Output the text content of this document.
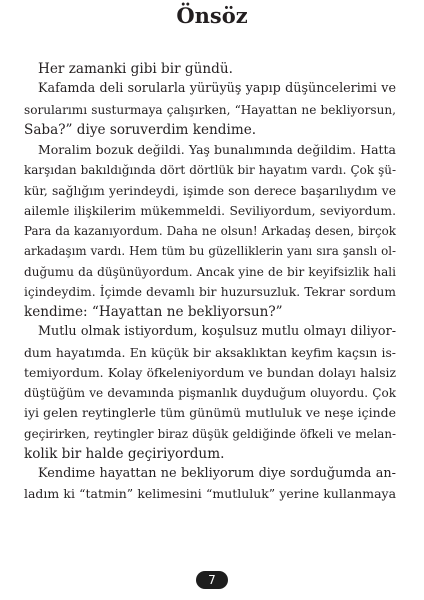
Önsöz
Her zamanki gibi bir gündü.
Kafamda deli sorularla yürüyüş yapıp düşüncelerimi ve
sorularımı susturmaya çalışırken, “Hayattan ne bekliyorsun,
Saba?” diye soruverdim kendime.
Moralim bozuk değildi. Yaş bunalımında değildim. Hatta
karşıdan bakıldığında dört dörtlük bir hayatım vardı. Çok şü-
kür, sağlığım yerindeydi, işimde son derece başarılıydım ve
ailemle ilişkilerim mükemmeldi. Seviliyordum, seviyordum.
Para da kazanıyordum. Daha ne olsun! Arkadaş desen, birçok
arkadaşım vardı. Hem tüm bu güzelliklerin yanı sıra şanslı ol-
duğumu da düşünüyordum. Ancak yine de bir keyifsizlik hali
içindeydim. İçimde devamlı bir huzursuzluk. Tekrar sordum
kendime: “Hayattan ne bekliyorsun?”
Mutlu olmak istiyordum, koşulsuz mutlu olmayı diliyor-
dum hayatımda. En küçük bir aksaklıktan keyfim kaçsın is-
temiyordum. Kolay öfkeleniyordum ve bundan dolayı halsiz
düştüğüm ve devamında pişmanlık duyduğum oluyordu. Çok
iyi gelen reytinglerle tüm günümü mutluluk ve neşe içinde
geçirirken, reytingler biraz düşük geldiğinde öfkeli ve melan-
kolik bir halde geçiriyordum.
Kendime hayattan ne bekliyorum diye sorduğumda an-
ladım ki “tatmin” kelimesini “mutluluk” yerine kullanmaya
7
